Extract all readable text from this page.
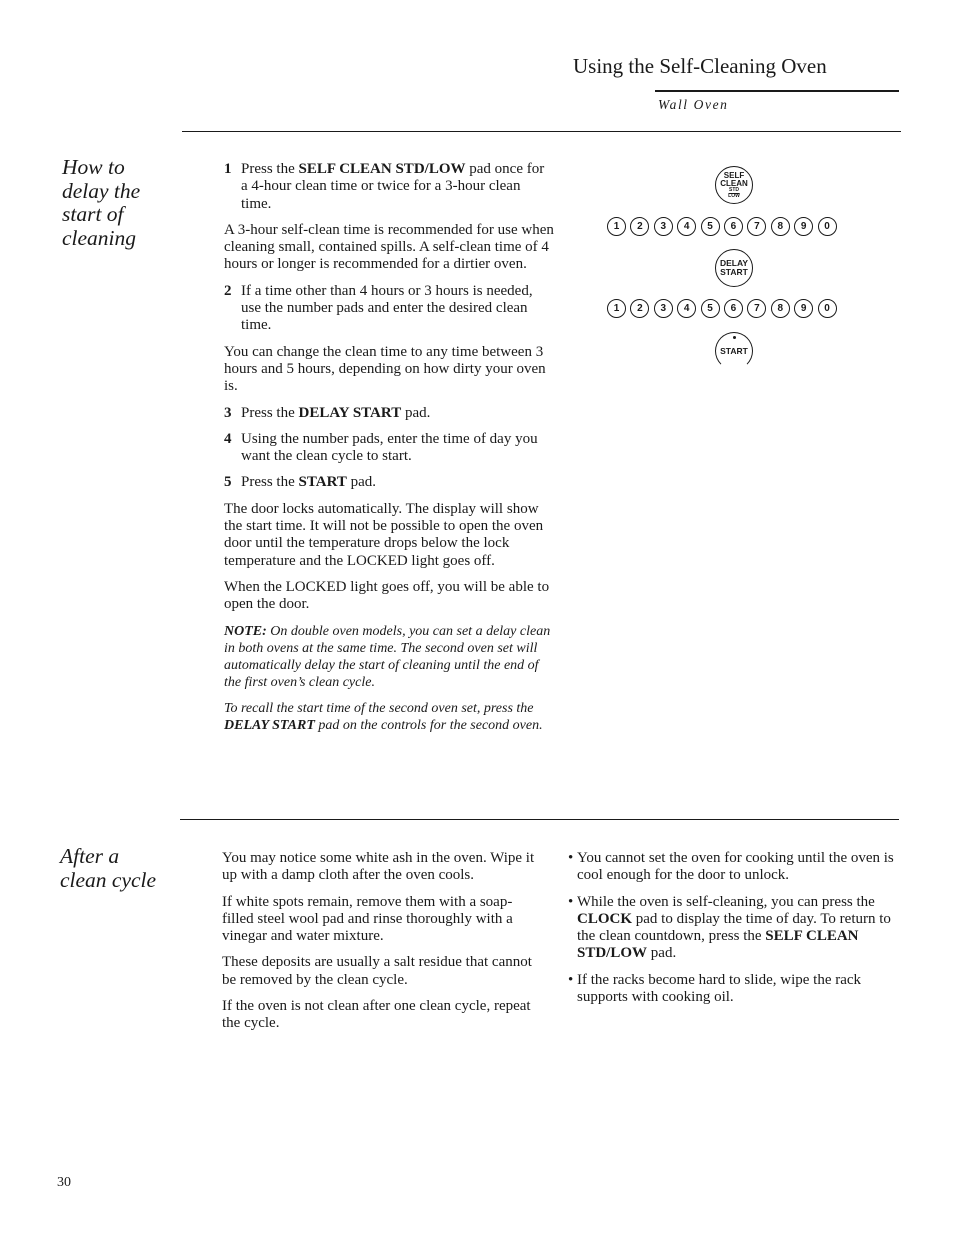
Using the Self-Cleaning Oven
Wall Oven
How to
delay the
start of
cleaning
1 Press the SELF CLEAN STD/LOW pad once for a 4-hour clean time or twice for a 3-hour clean time.

A 3-hour self-clean time is recommended for use when cleaning small, contained spills. A self-clean time of 4 hours or longer is recommended for a dirtier oven.

2 If a time other than 4 hours or 3 hours is needed, use the number pads and enter the desired clean time.

You can change the clean time to any time between 3 hours and 5 hours, depending on how dirty your oven is.

3 Press the DELAY START pad.
4 Using the number pads, enter the time of day you want the clean cycle to start.
5 Press the START pad.

The door locks automatically. The display will show the start time. It will not be possible to open the oven door until the temperature drops below the lock temperature and the LOCKED light goes off.

When the LOCKED light goes off, you will be able to open the door.

NOTE: On double oven models, you can set a delay clean in both ovens at the same time. The second oven set will automatically delay the start of cleaning until the end of the first oven’s clean cycle.

To recall the start time of the second oven set, press the DELAY START pad on the controls for the second oven.

SELF
CLEAN
STD
LOW
1	2	3	4	5	6	7	8	9	0
DELAY
START
1	2	3	4	5	6	7	8	9	0
START
After a
clean cycle

You may notice some white ash in the oven. Wipe it up with a damp cloth after the oven cools.

If white spots remain, remove them with a soap-filled steel wool pad and rinse thoroughly with a vinegar and water mixture.

These deposits are usually a salt residue that cannot be removed by the clean cycle.

If the oven is not clean after one clean cycle, repeat the cycle.

• You cannot set the oven for cooking until the oven is cool enough for the door to unlock.
• While the oven is self-cleaning, you can press the CLOCK pad to display the time of day. To return to the clean countdown, press the SELF CLEAN STD/LOW pad.
• If the racks become hard to slide, wipe the rack supports with cooking oil.
30
